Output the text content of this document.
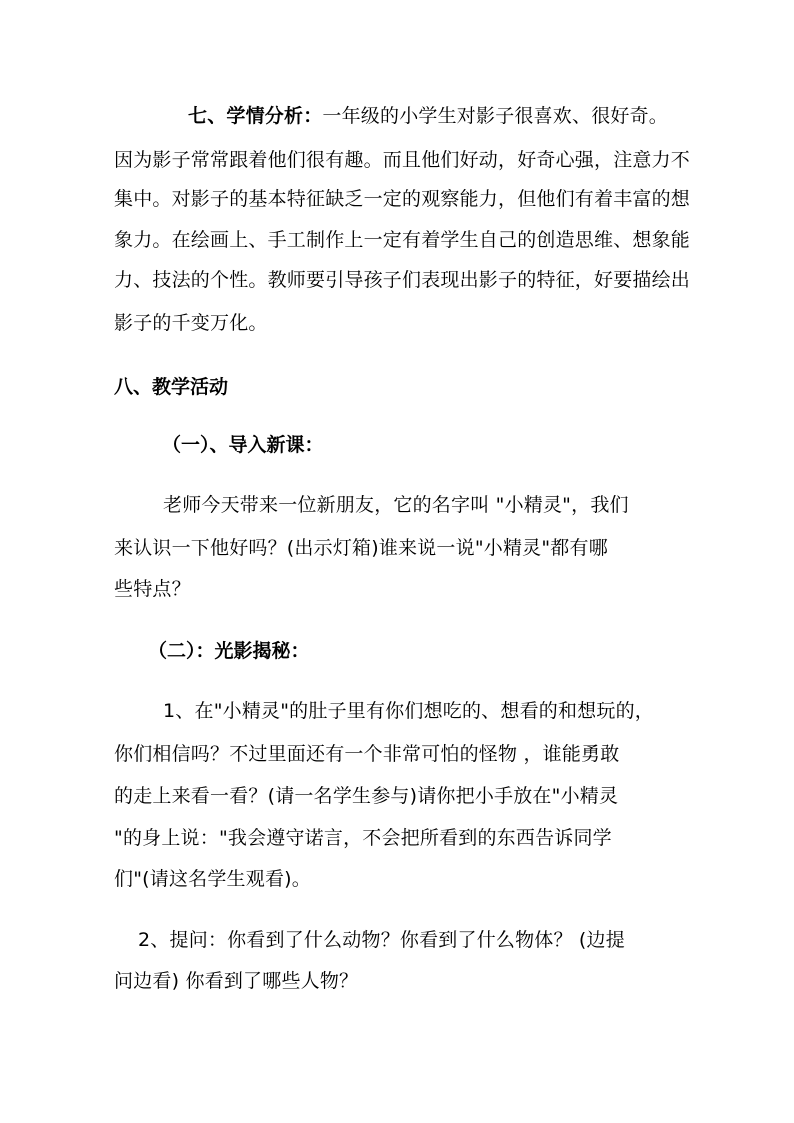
七、学情分析：一年级的小学生对影子很喜欢、很好奇。
因为影子常常跟着他们很有趣。而且他们好动，好奇心强，注意力不
集中。对影子的基本特征缺乏一定的观察能力，但他们有着丰富的想
象力。在绘画上、手工制作上一定有着学生自己的创造思维、想象能
力、技法的个性。教师要引导孩子们表现出影子的特征，好要描绘出
影子的千变万化。
八、教学活动
（一）、导入新课：
老师今天带来一位新朋友，它的名字叫 "小精灵"，我们
来认识一下他好吗？(出示灯箱)谁来说一说"小精灵"都有哪
些特点？
（二）：光影揭秘：
1、在"小精灵"的肚子里有你们想吃的、想看的和想玩的，
你们相信吗？不过里面还有一个非常可怕的怪物 ，谁能勇敢
的走上来看一看？(请一名学生参与)请你把小手放在"小精灵
"的身上说："我会遵守诺言，不会把所看到的东西告诉同学
们"(请这名学生观看)。
2、提问：你看到了什么动物？你看到了什么物体？ (边提
问边看) 你看到了哪些人物？
